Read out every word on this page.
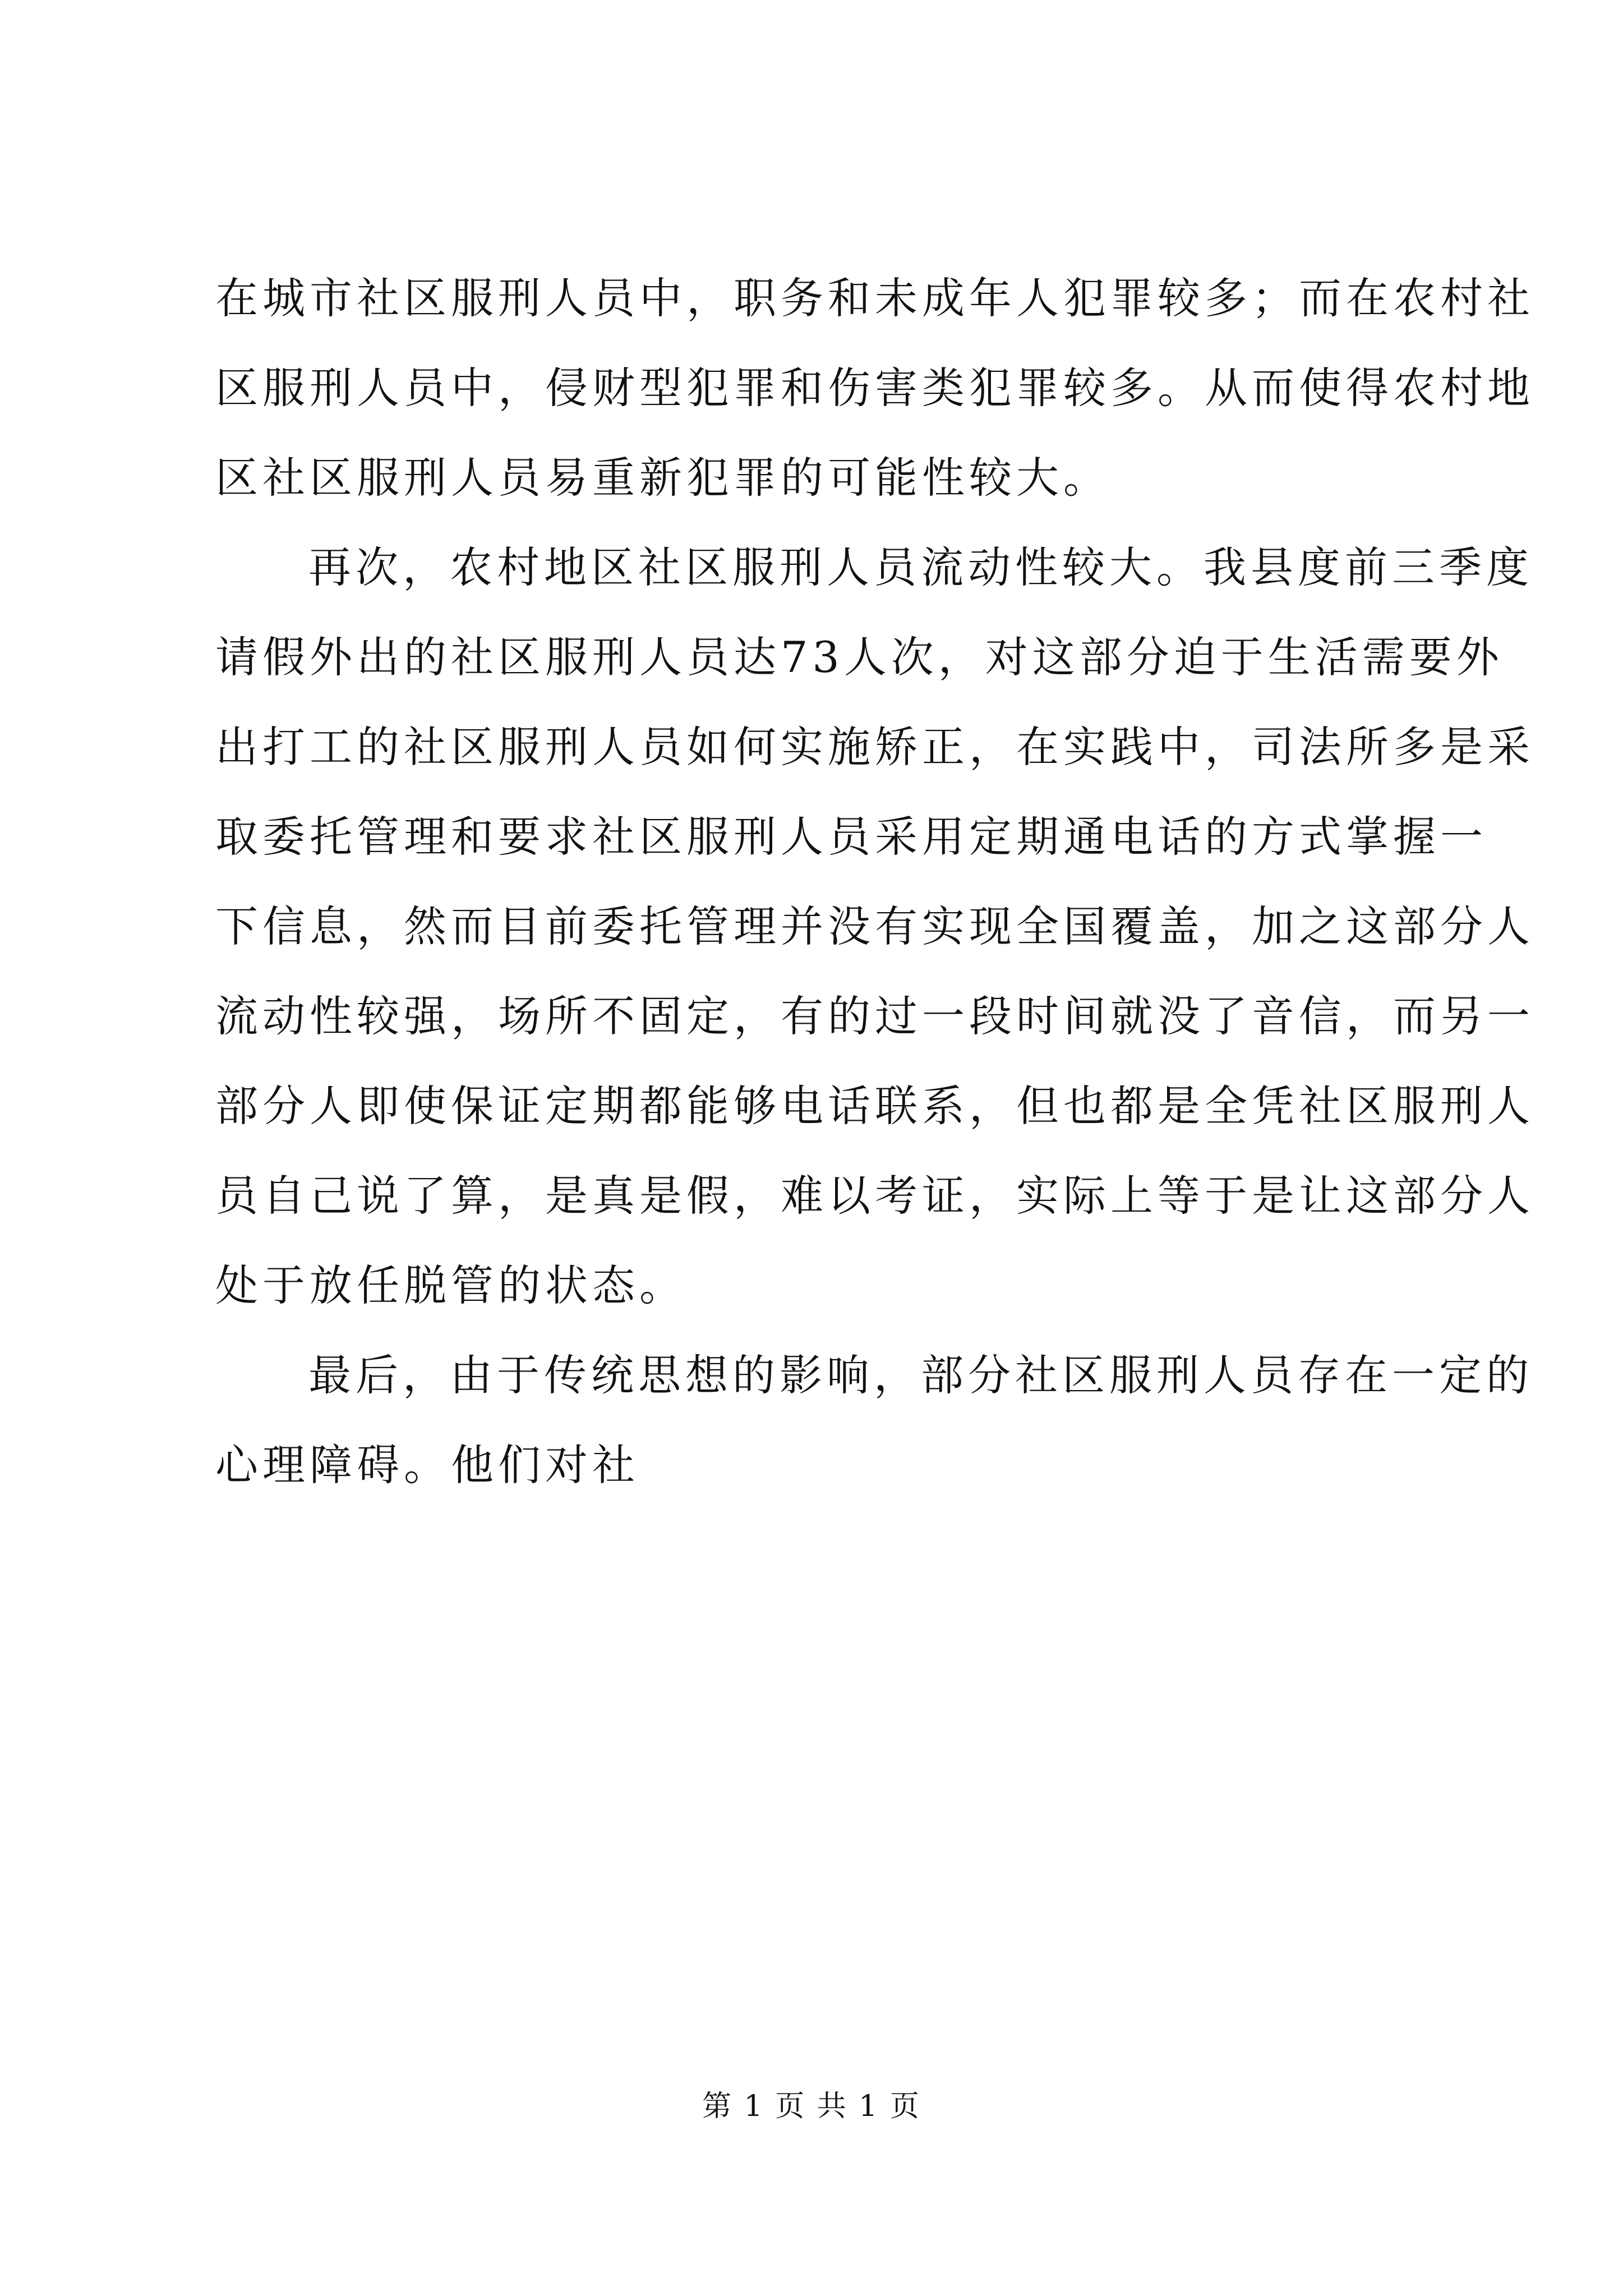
在城市社区服刑人员中，职务和未成年人犯罪较多；而在农村社
区服刑人员中，侵财型犯罪和伤害类犯罪较多。从而使得农村地
区社区服刑人员易重新犯罪的可能性较大。
再次，农村地区社区服刑人员流动性较大。我县度前三季度
请假外出的社区服刑人员达73人次，对这部分迫于生活需要外
出打工的社区服刑人员如何实施矫正，在实践中，司法所多是采
取委托管理和要求社区服刑人员采用定期通电话的方式掌握一
下信息，然而目前委托管理并没有实现全国覆盖，加之这部分人
流动性较强，场所不固定，有的过一段时间就没了音信，而另一
部分人即使保证定期都能够电话联系，但也都是全凭社区服刑人
员自己说了算，是真是假，难以考证，实际上等于是让这部分人
处于放任脱管的状态。
最后，由于传统思想的影响，部分社区服刑人员存在一定的
心理障碍。他们对社
第 1 页 共 1 页
